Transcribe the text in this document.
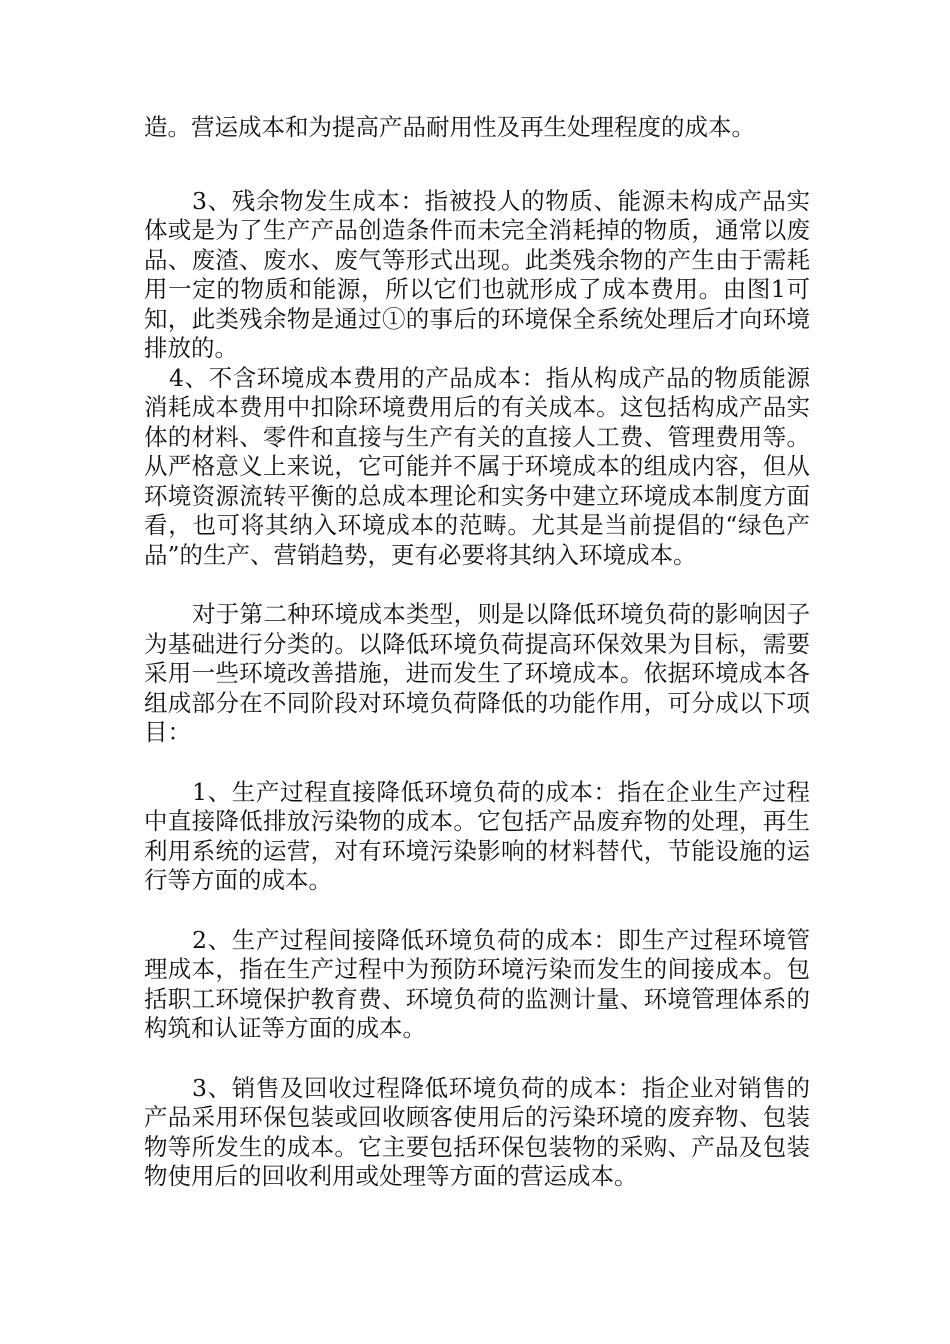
造。营运成本和为提高产品耐用性及再生处理程度的成本。

3、残余物发生成本：指被投人的物质、能源未构成产品实体或是为了生产产品创造条件而未完全消耗掉的物质，通常以废品、废渣、废水、废气等形式出现。此类残余物的产生由于需耗用一定的物质和能源，所以它们也就形成了成本费用。由图1可知，此类残余物是通过①的事后的环境保全系统处理后才向环境排放的。

4、不含环境成本费用的产品成本：指从构成产品的物质能源消耗成本费用中扣除环境费用后的有关成本。这包括构成产品实体的材料、零件和直接与生产有关的直接人工费、管理费用等。从严格意义上来说，它可能并不属于环境成本的组成内容，但从环境资源流转平衡的总成本理论和实务中建立环境成本制度方面看，也可将其纳入环境成本的范畴。尤其是当前提倡的“绿色产品”的生产、营销趋势，更有必要将其纳入环境成本。

对于第二种环境成本类型，则是以降低环境负荷的影响因子为基础进行分类的。以降低环境负荷提高环保效果为目标，需要采用一些环境改善措施，进而发生了环境成本。依据环境成本各组成部分在不同阶段对环境负荷降低的功能作用，可分成以下项目：

1、生产过程直接降低环境负荷的成本：指在企业生产过程中直接降低排放污染物的成本。它包括产品废弃物的处理，再生利用系统的运营，对有环境污染影响的材料替代，节能设施的运行等方面的成本。

2、生产过程间接降低环境负荷的成本：即生产过程环境管理成本，指在生产过程中为预防环境污染而发生的间接成本。包括职工环境保护教育费、环境负荷的监测计量、环境管理体系的构筑和认证等方面的成本。

3、销售及回收过程降低环境负荷的成本：指企业对销售的产品采用环保包装或回收顾客使用后的污染环境的废弃物、包装物等所发生的成本。它主要包括环保包装物的采购、产品及包装物使用后的回收利用或处理等方面的营运成本。
